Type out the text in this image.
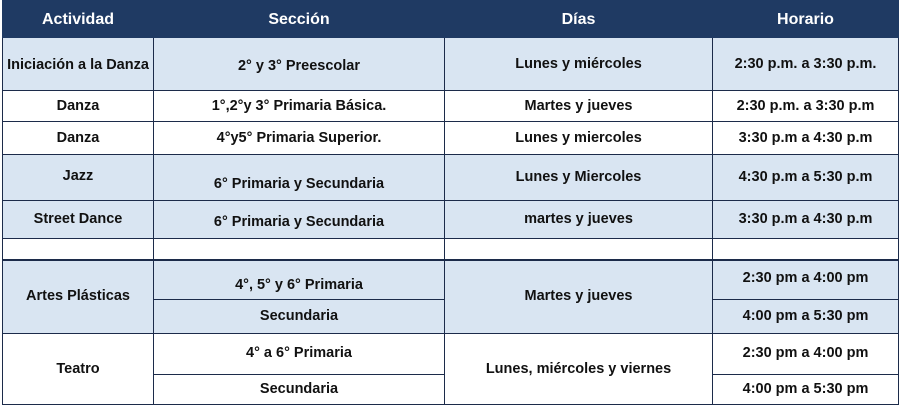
Actividad	Sección	Días	Horario
Iniciación a la Danza	2° y 3° Preescolar	Lunes y miércoles	2:30 p.m. a 3:30 p.m.
Danza	1°,2°y 3° Primaria Básica.	Martes y jueves	2:30 p.m. a 3:30 p.m
Danza	4°y5° Primaria Superior.	Lunes y miercoles	3:30 p.m a 4:30 p.m
Jazz	6° Primaria y Secundaria	Lunes y Miercoles	4:30 p.m a 5:30 p.m
Street Dance	6° Primaria y Secundaria	martes y jueves	3:30 p.m a 4:30 p.m

Artes Plásticas	4°, 5° y 6° Primaria	Martes y jueves	2:30 pm a 4:00 pm
	Secundaria		4:00 pm a 5:30 pm
Teatro	4° a 6° Primaria	Lunes, miércoles y viernes	2:30 pm a 4:00 pm
	Secundaria		4:00 pm a 5:30 pm
